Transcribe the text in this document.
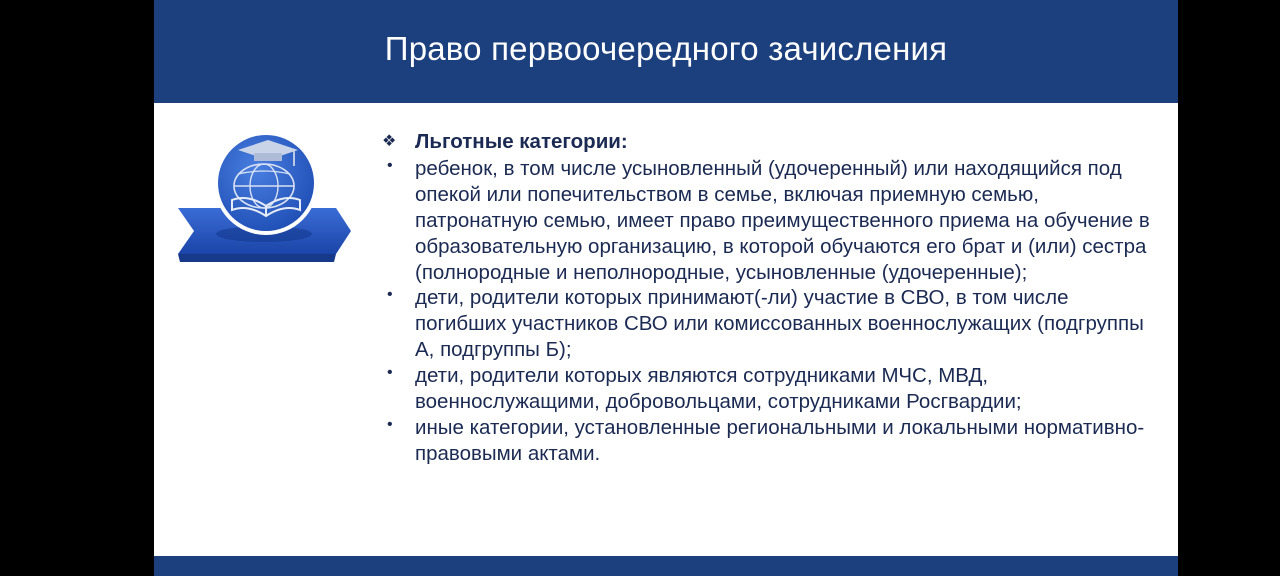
Право первоочередного зачисления
❖ Льготные категории:
• ребенок, в том числе усыновленный (удочеренный) или находящийся под опекой или попечительством в семье, включая приемную семью, патронатную семью, имеет право преимущественного приема на обучение в образовательную организацию, в которой обучаются его брат и (или) сестра (полнородные и неполнородные, усыновленные (удочеренные);
• дети, родители которых принимают(-ли) участие в СВО, в том числе погибших участников СВО или комиссованных военнослужащих (подгруппы А, подгруппы Б);
• дети, родители которых являются сотрудниками МЧС, МВД, военнослужащими, добровольцами, сотрудниками Росгвардии;
• иные категории, установленные региональными и локальными нормативно-правовыми актами.
